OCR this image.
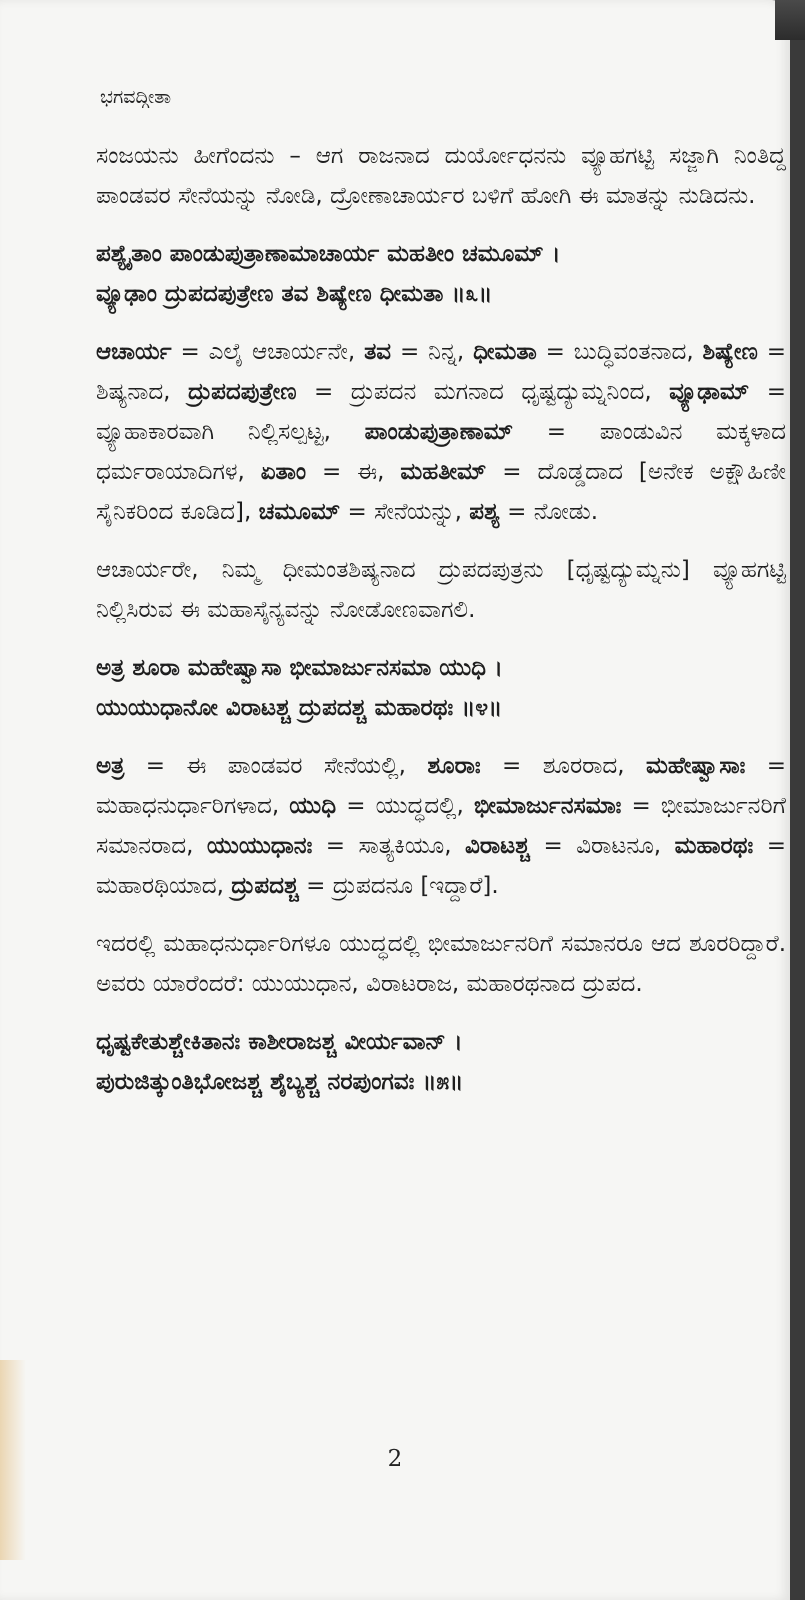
ಭಗವದ್ಗೀತಾ

ಸಂಜಯನು ಹೀಗೆಂದನು – ಆಗ ರಾಜನಾದ ದುರ್ಯೋಧನನು ವ್ಯೂಹಗಟ್ಟಿ ಸಜ್ಜಾಗಿ ನಿಂತಿದ್ದ ಪಾಂಡವರ ಸೇನೆಯನ್ನು ನೋಡಿ, ದ್ರೋಣಾಚಾರ್ಯರ ಬಳಿಗೆ ಹೋಗಿ ಈ ಮಾತನ್ನು ನುಡಿದನು.

ಪಶ್ಯೈತಾಂ ಪಾಂಡುಪುತ್ರಾಣಾಮಾಚಾರ್ಯ ಮಹತೀಂ ಚಮೂಮ್ ।
ವ್ಯೂಢಾಂ ದ್ರುಪದಪುತ್ರೇಣ ತವ ಶಿಷ್ಯೇಣ ಧೀಮತಾ ॥೩॥

ಆಚಾರ್ಯ = ಎಲೈ ಆಚಾರ್ಯನೇ, ತವ = ನಿನ್ನ, ಧೀಮತಾ = ಬುದ್ಧಿವಂತನಾದ, ಶಿಷ್ಯೇಣ = ಶಿಷ್ಯನಾದ, ದ್ರುಪದಪುತ್ರೇಣ = ದ್ರುಪದನ ಮಗನಾದ ಧೃಷ್ಟದ್ಯುಮ್ನನಿಂದ, ವ್ಯೂಢಾಮ್ = ವ್ಯೂಹಾಕಾರವಾಗಿ ನಿಲ್ಲಿಸಲ್ಪಟ್ಟ, ಪಾಂಡುಪುತ್ರಾಣಾಮ್ = ಪಾಂಡುವಿನ ಮಕ್ಕಳಾದ ಧರ್ಮರಾಯಾದಿಗಳ, ಏತಾಂ = ಈ, ಮಹತೀಮ್ = ದೊಡ್ಡದಾದ [ಅನೇಕ ಅಕ್ಷೌಹಿಣೀ ಸೈನಿಕರಿಂದ ಕೂಡಿದ], ಚಮೂಮ್ = ಸೇನೆಯನ್ನು, ಪಶ್ಯ = ನೋಡು.

ಆಚಾರ್ಯರೇ, ನಿಮ್ಮ ಧೀಮಂತಶಿಷ್ಯನಾದ ದ್ರುಪದಪುತ್ರನು [ಧೃಷ್ಟದ್ಯುಮ್ನನು] ವ್ಯೂಹಗಟ್ಟಿ ನಿಲ್ಲಿಸಿರುವ ಈ ಮಹಾಸೈನ್ಯವನ್ನು ನೋಡೋಣವಾಗಲಿ.

ಅತ್ರ ಶೂರಾ ಮಹೇಷ್ವಾಸಾ ಭೀಮಾರ್ಜುನಸಮಾ ಯುಧಿ ।
ಯುಯುಧಾನೋ ವಿರಾಟಶ್ಚ ದ್ರುಪದಶ್ಚ ಮಹಾರಥಃ ॥೪॥

ಅತ್ರ = ಈ ಪಾಂಡವರ ಸೇನೆಯಲ್ಲಿ, ಶೂರಾಃ = ಶೂರರಾದ, ಮಹೇಷ್ವಾಸಾಃ = ಮಹಾಧನುರ್ಧಾರಿಗಳಾದ, ಯುಧಿ = ಯುದ್ಧದಲ್ಲಿ, ಭೀಮಾರ್ಜುನಸಮಾಃ = ಭೀಮಾರ್ಜುನರಿಗೆ ಸಮಾನರಾದ, ಯುಯುಧಾನಃ = ಸಾತ್ಯಕಿಯೂ, ವಿರಾಟಶ್ಚ = ವಿರಾಟನೂ, ಮಹಾರಥಃ = ಮಹಾರಥಿಯಾದ, ದ್ರುಪದಶ್ಚ = ದ್ರುಪದನೂ [ಇದ್ದಾರೆ].

ಇದರಲ್ಲಿ ಮಹಾಧನುರ್ಧಾರಿಗಳೂ ಯುದ್ಧದಲ್ಲಿ ಭೀಮಾರ್ಜುನರಿಗೆ ಸಮಾನರೂ ಆದ ಶೂರರಿದ್ದಾರೆ. ಅವರು ಯಾರೆಂದರೆ: ಯುಯುಧಾನ, ವಿರಾಟರಾಜ, ಮಹಾರಥನಾದ ದ್ರುಪದ.

ಧೃಷ್ಟಕೇತುಶ್ಚೇಕಿತಾನಃ ಕಾಶೀರಾಜಶ್ಚ ವೀರ್ಯವಾನ್ ।
ಪುರುಜಿತ್ಕುಂತಿಭೋಜಶ್ಚ ಶೈಬ್ಯಶ್ಚ ನರಪುಂಗವಃ ॥೫॥
2
